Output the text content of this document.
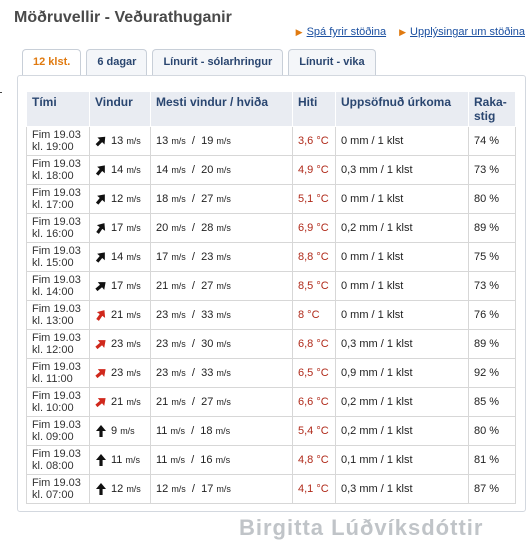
Möðruvellir - Veðurathuganir
▶ Spá fyrir stöðina ▶ Upplýsingar um stöðina
12 klst.	6 dagar	Línurit - sólarhringur	Línurit - vika
Tími	Vindur	Mesti vindur / hviða	Hiti	Uppsöfnuð úrkoma	Raka-stig
Fim 19.03
kl. 19:00	13 m/s	13 m/s  /  19 m/s	3,6 °C	0 mm / 1 klst	74 %
Fim 19.03
kl. 18:00	14 m/s	14 m/s  /  20 m/s	4,9 °C	0,3 mm / 1 klst	73 %
Fim 19.03
kl. 17:00	12 m/s	18 m/s  /  27 m/s	5,1 °C	0 mm / 1 klst	80 %
Fim 19.03
kl. 16:00	17 m/s	20 m/s  /  28 m/s	6,9 °C	0,2 mm / 1 klst	89 %
Fim 19.03
kl. 15:00	14 m/s	17 m/s  /  23 m/s	8,8 °C	0 mm / 1 klst	75 %
Fim 19.03
kl. 14:00	17 m/s	21 m/s  /  27 m/s	8,5 °C	0 mm / 1 klst	73 %
Fim 19.03
kl. 13:00	21 m/s	23 m/s  /  33 m/s	8 °C	0 mm / 1 klst	76 %
Fim 19.03
kl. 12:00	23 m/s	23 m/s  /  30 m/s	6,8 °C	0,3 mm / 1 klst	89 %
Fim 19.03
kl. 11:00	23 m/s	23 m/s  /  33 m/s	6,5 °C	0,9 mm / 1 klst	92 %
Fim 19.03
kl. 10:00	21 m/s	21 m/s  /  27 m/s	6,6 °C	0,2 mm / 1 klst	85 %
Fim 19.03
kl. 09:00	9 m/s	11 m/s  /  18 m/s	5,4 °C	0,2 mm / 1 klst	80 %
Fim 19.03
kl. 08:00	11 m/s	11 m/s  /  16 m/s	4,8 °C	0,1 mm / 1 klst	81 %
Fim 19.03
kl. 07:00	12 m/s	12 m/s  /  17 m/s	4,1 °C	0,3 mm / 1 klst	87 %
Birgitta Lúðvíksdóttir
